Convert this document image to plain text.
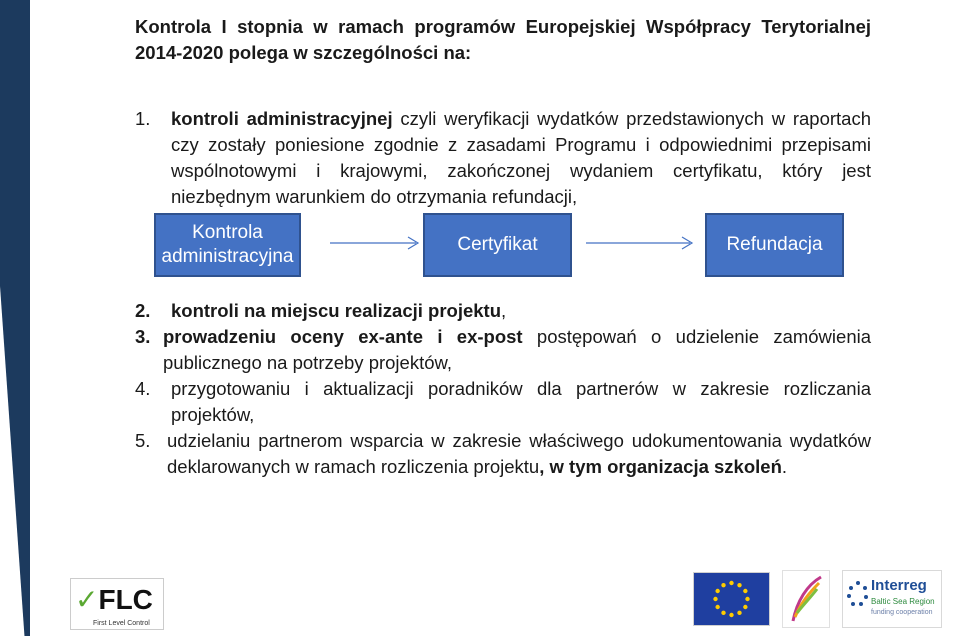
Kontrola I stopnia w ramach programów Europejskiej Współpracy Terytorialnej 2014-2020 polega w szczególności na:

1.	kontroli administracyjnej czyli weryfikacji wydatków przedstawionych w raportach czy zostały poniesione zgodnie z zasadami Programu i odpowiednimi przepisami wspólnotowymi i krajowymi, zakończonej wydaniem certyfikatu, który jest niezbędnym warunkiem do otrzymania refundacji,
Kontrola administracyjna
Certyfikat	Refundacja
2.	kontroli na miejscu realizacji projektu,
3. prowadzeniu oceny ex-ante i ex-post postępowań o udzielenie zamówienia publicznego na potrzeby projektów,
4.	przygotowaniu i aktualizacji poradników dla partnerów w zakresie rozliczania projektów,
5. udzielaniu partnerom wsparcia w zakresie właściwego udokumentowania wydatków deklarowanych w ramach rozliczenia projektu, w tym organizacja szkoleń.
✓FLC
First Level Control
Interreg
Baltic Sea Region
funding cooperation
